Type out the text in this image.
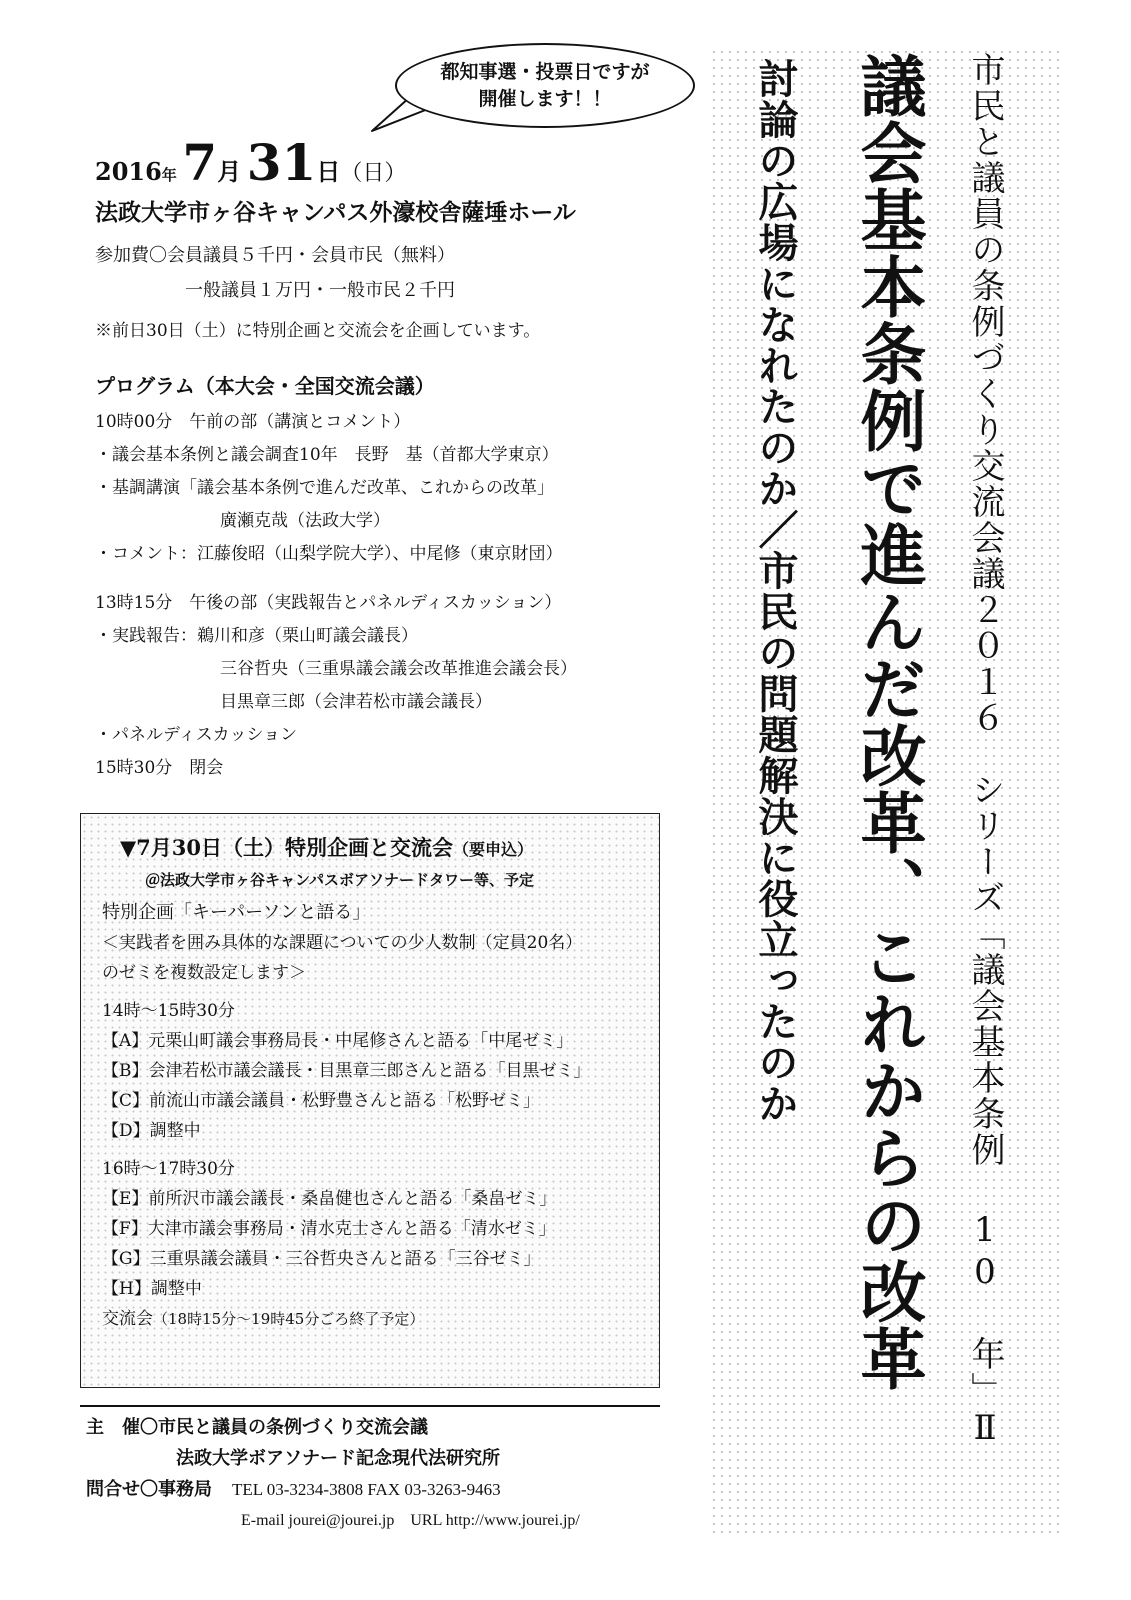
都知事選・投票日ですが
開催します！！
2016年 7月 31日（日）
法政大学市ヶ谷キャンパス外濠校舎薩埵ホール
参加費〇会員議員５千円・会員市民（無料）
一般議員１万円・一般市民２千円
※前日30日（土）に特別企画と交流会を企画しています。
プログラム（本大会・全国交流会議）
10時00分　午前の部（講演とコメント）
・議会基本条例と議会調査10年　長野　基（首都大学東京）
・基調講演「議会基本条例で進んだ改革、これからの改革」
廣瀬克哉（法政大学）
・コメント：江藤俊昭（山梨学院大学）、中尾修（東京財団）
13時15分　午後の部（実践報告とパネルディスカッション）
・実践報告：鵜川和彦（栗山町議会議長）
三谷哲央（三重県議会議会改革推進会議会長）
目黒章三郎（会津若松市議会議長）
・パネルディスカッション
15時30分　閉会
▼7月30日（土）特別企画と交流会（要申込）
＠法政大学市ヶ谷キャンパスボアソナードタワー等、予定
特別企画「キーパーソンと語る」
＜実践者を囲み具体的な課題についての少人数制（定員20名）
のゼミを複数設定します＞
14時～15時30分
【A】元栗山町議会事務局長・中尾修さんと語る「中尾ゼミ」
【B】会津若松市議会議長・目黒章三郎さんと語る「目黒ゼミ」
【C】前流山市議会議員・松野豊さんと語る「松野ゼミ」
【D】調整中
16時～17時30分
【E】前所沢市議会議長・桑畠健也さんと語る「桑畠ゼミ」
【F】大津市議会事務局・清水克士さんと語る「清水ゼミ」
【G】三重県議会議員・三谷哲央さんと語る「三谷ゼミ」
【H】調整中
交流会（18時15分～19時45分ごろ終了予定）
主　催〇市民と議員の条例づくり交流会議
法政大学ボアソナード記念現代法研究所
問合せ〇事務局 TEL 03-3234-3808 FAX 03-3263-9463
E-mail jourei@jourei.jp　URL http://www.jourei.jp/
市民と議員の条例づくり交流会議２０１６　シリーズ「議会基本条例 10 年」Ⅱ
議会基本条例で進んだ改革、これからの改革
討論の広場になれたのか／市民の問題解決に役立ったのか
